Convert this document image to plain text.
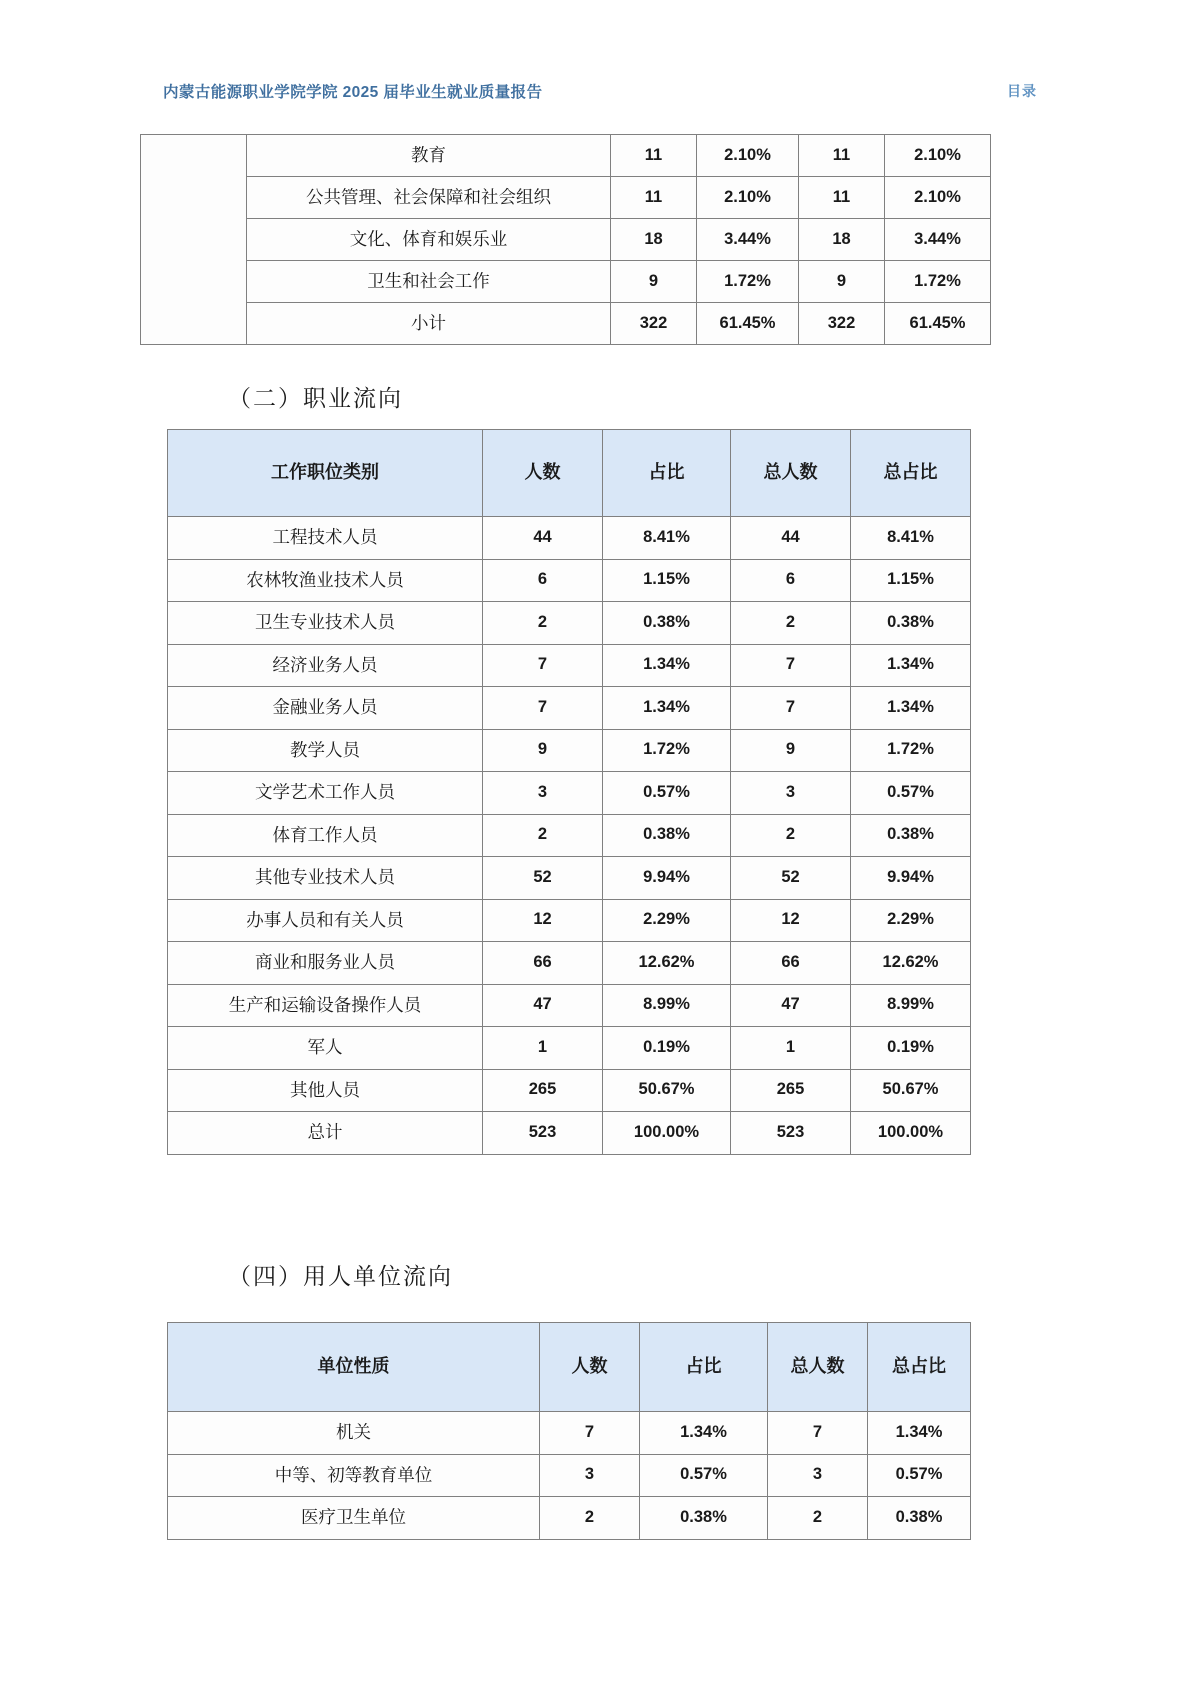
内蒙古能源职业学院学院 2025 届毕业生就业质量报告	目录
	教育	11	2.10%	11	2.10%
	公共管理、社会保障和社会组织	11	2.10%	11	2.10%
	文化、体育和娱乐业	18	3.44%	18	3.44%
	卫生和社会工作	9	1.72%	9	1.72%
	小计	322	61.45%	322	61.45%
（二）职业流向
工作职位类别	人数	占比	总人数	总占比
工程技术人员	44	8.41%	44	8.41%
农林牧渔业技术人员	6	1.15%	6	1.15%
卫生专业技术人员	2	0.38%	2	0.38%
经济业务人员	7	1.34%	7	1.34%
金融业务人员	7	1.34%	7	1.34%
教学人员	9	1.72%	9	1.72%
文学艺术工作人员	3	0.57%	3	0.57%
体育工作人员	2	0.38%	2	0.38%
其他专业技术人员	52	9.94%	52	9.94%
办事人员和有关人员	12	2.29%	12	2.29%
商业和服务业人员	66	12.62%	66	12.62%
生产和运输设备操作人员	47	8.99%	47	8.99%
军人	1	0.19%	1	0.19%
其他人员	265	50.67%	265	50.67%
总计	523	100.00%	523	100.00%
（四）用人单位流向
单位性质	人数	占比	总人数	总占比
机关	7	1.34%	7	1.34%
中等、初等教育单位	3	0.57%	3	0.57%
医疗卫生单位	2	0.38%	2	0.38%
